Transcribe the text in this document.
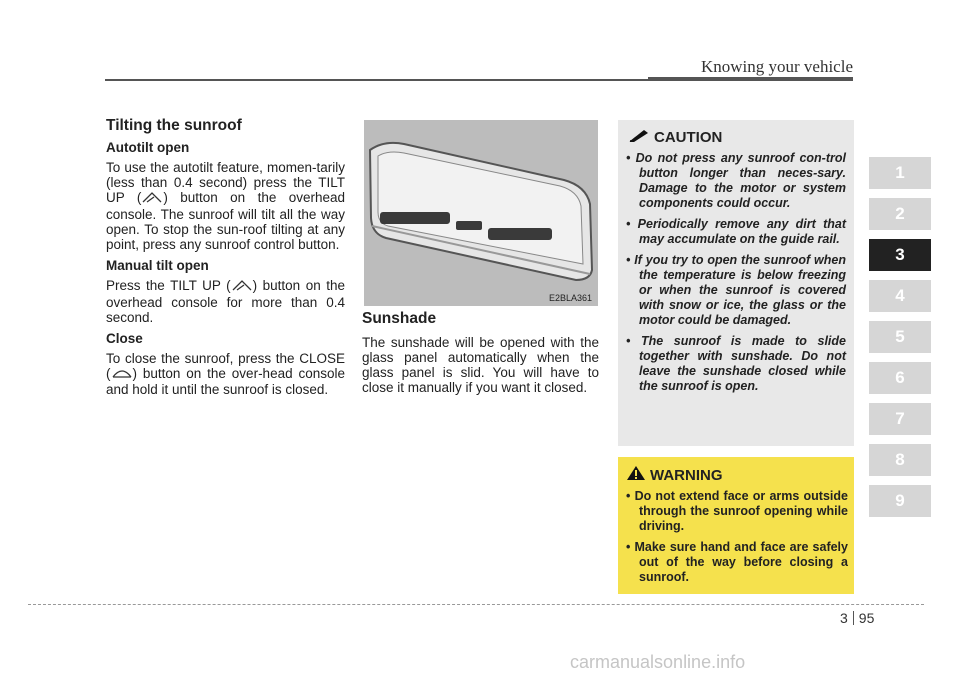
Knowing your vehicle
Tilting the sunroof
Autotilt open

To use the autotilt feature, momen-tarily (less than 0.4 second) press the TILT UP ( ) button on the overhead console. The sunroof will tilt all the way open. To stop the sun-roof tilting at any point, press any sunroof control button.

Manual tilt open

Press the TILT UP ( ) button on the overhead console for more than 0.4 second.

Close

To close the sunroof, press the CLOSE ( ) button on the over-head console and hold it until the sunroof is closed.

E2BLA361
Sunshade

The sunshade will be opened with the glass panel automatically when the glass panel is slid. You will have to close it manually if you want it closed.

CAUTION
• Do not press any sunroof con-trol button longer than neces-sary. Damage to the motor or system components could occur.
• Periodically remove any dirt that may accumulate on the guide rail.
• If you try to open the sunroof when the temperature is below freezing or when the sunroof is covered with snow or ice, the glass or the motor could be damaged.
• The sunroof is made to slide together with sunshade. Do not leave the sunshade closed while the sunroof is open.
WARNING
• Do not extend face or arms outside through the sunroof opening while driving.
• Make sure hand and face are safely out of the way before closing a sunroof.
1
2
3
4
5
6
7
8
9
3 95
carmanualsonline.info
